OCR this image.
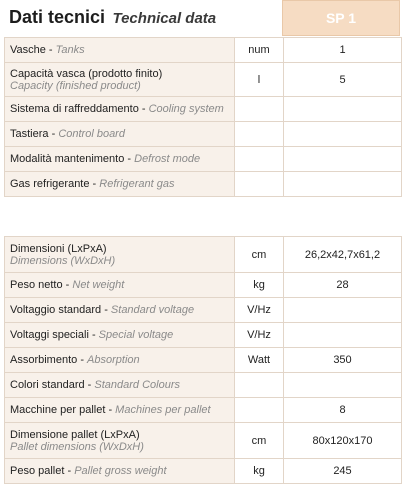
Dati tecnici Technical data	SP 1
Vasche - Tanks	num	1

Capacità vasca (prodotto finito)
Capacity (finished product)	l	5
Sistema di raffreddamento - Cooling system		
Tastiera - Control board		
Modalità mantenimento - Defrost mode		
Gas refrigerante - Refrigerant gas		
Dimensioni (LxPxA)
Dimensions (WxDxH)	cm	26,2x42,7x61,2
Peso netto - Net weight	kg	28
Voltaggio standard - Standard voltage	V/Hz	
Voltaggi speciali - Special voltage	V/Hz	
Assorbimento - Absorption	Watt	350
Colori standard - Standard Colours		
Macchine per pallet - Machines per pallet		8

Dimensione pallet (LxPxA)
Pallet dimensions (WxDxH)	cm	80x120x170
Peso pallet - Pallet gross weight	kg	245
